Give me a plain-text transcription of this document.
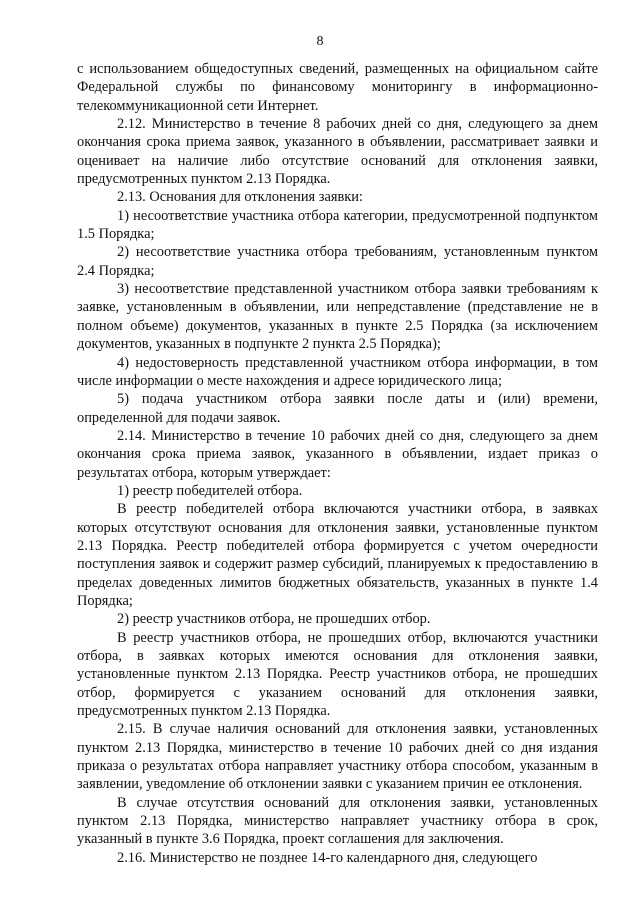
8

с использованием общедоступных сведений, размещенных на официальном сайте Федеральной службы по финансовому мониторингу в информационно-телекоммуникационной сети Интернет.

2.12. Министерство в течение 8 рабочих дней со дня, следующего за днем окончания срока приема заявок, указанного в объявлении, рассматривает заявки и оценивает на наличие либо отсутствие оснований для отклонения заявки, предусмотренных пунктом 2.13 Порядка.

2.13. Основания для отклонения заявки:

1) несоответствие участника отбора категории, предусмотренной подпунктом 1.5 Порядка;

2) несоответствие участника отбора требованиям, установленным пунктом 2.4 Порядка;

3) несоответствие представленной участником отбора заявки требованиям к заявке, установленным в объявлении, или непредставление (представление не в полном объеме) документов, указанных в пункте 2.5 Порядка (за исключением документов, указанных в подпункте 2 пункта 2.5 Порядка);

4) недостоверность представленной участником отбора информации, в том числе информации о месте нахождения и адресе юридического лица;

5) подача участником отбора заявки после даты и (или) времени, определенной для подачи заявок.

2.14. Министерство в течение 10 рабочих дней со дня, следующего за днем окончания срока приема заявок, указанного в объявлении, издает приказ о результатах отбора, которым утверждает:

1) реестр победителей отбора.

В реестр победителей отбора включаются участники отбора, в заявках которых отсутствуют основания для отклонения заявки, установленные пунктом 2.13 Порядка. Реестр победителей отбора формируется с учетом очередности поступления заявок и содержит размер субсидий, планируемых к предоставлению в пределах доведенных лимитов бюджетных обязательств, указанных в пункте 1.4 Порядка;

2) реестр участников отбора, не прошедших отбор.

В реестр участников отбора, не прошедших отбор, включаются участники отбора, в заявках которых имеются основания для отклонения заявки, установленные пунктом 2.13 Порядка. Реестр участников отбора, не прошедших отбор, формируется с указанием оснований для отклонения заявки, предусмотренных пунктом 2.13 Порядка.

2.15. В случае наличия оснований для отклонения заявки, установленных пунктом 2.13 Порядка, министерство в течение 10 рабочих дней со дня издания приказа о результатах отбора направляет участнику отбора способом, указанным в заявлении, уведомление об отклонении заявки с указанием причин ее отклонения.

В случае отсутствия оснований для отклонения заявки, установленных пунктом 2.13 Порядка, министерство направляет участнику отбора в срок, указанный в пункте 3.6 Порядка, проект соглашения для заключения.

2.16. Министерство не позднее 14-го календарного дня, следующего
